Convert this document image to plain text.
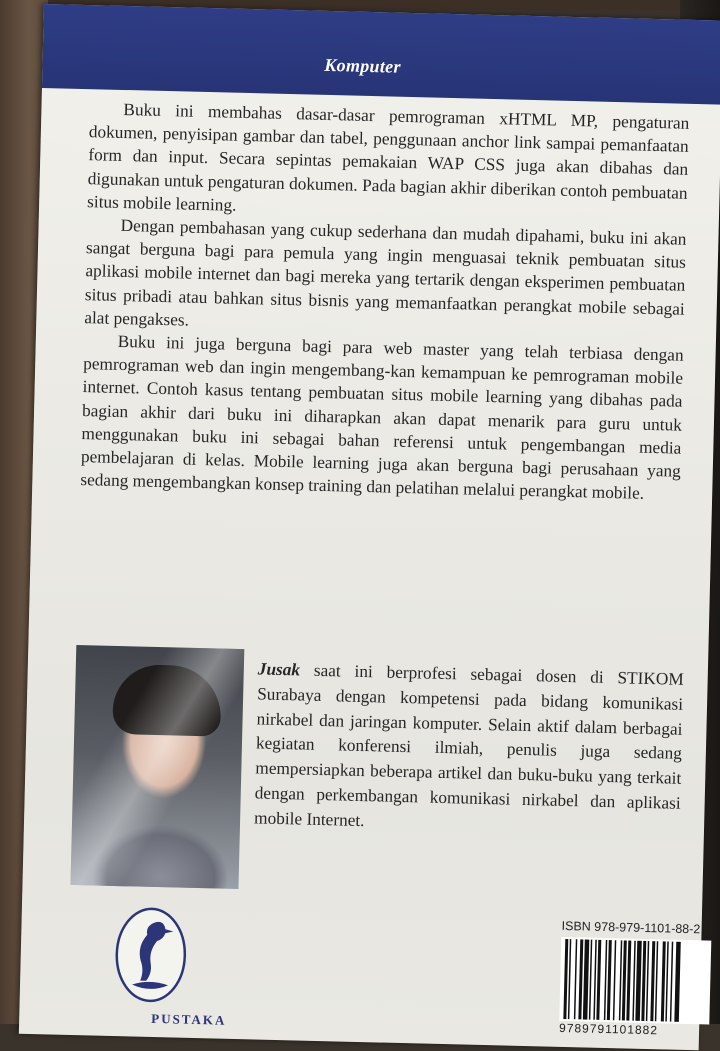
Komputer

Buku ini membahas dasar-dasar pemrograman xHTML MP, pengaturan dokumen, penyisipan gambar dan tabel, penggunaan anchor link sampai pemanfaatan form dan input. Secara sepintas pemakaian WAP CSS juga akan dibahas dan digunakan untuk pengaturan dokumen. Pada bagian akhir diberikan contoh pembuatan situs mobile learning.

Dengan pembahasan yang cukup sederhana dan mudah dipahami, buku ini akan sangat berguna bagi para pemula yang ingin menguasai teknik pembuatan situs aplikasi mobile internet dan bagi mereka yang tertarik dengan eksperimen pembuatan situs pribadi atau bahkan situs bisnis yang memanfaatkan perangkat mobile sebagai alat pengakses.

Buku ini juga berguna bagi para web master yang telah terbiasa dengan pemrograman web dan ingin mengembang-kan kemampuan ke pemrograman mobile internet. Contoh kasus tentang pembuatan situs mobile learning yang dibahas pada bagian akhir dari buku ini diharapkan akan dapat menarik para guru untuk menggunakan buku ini sebagai bahan referensi untuk pengembangan media pembelajaran di kelas. Mobile learning juga akan berguna bagi perusahaan yang sedang mengembangkan konsep training dan pelatihan melalui perangkat mobile.

Jusak saat ini berprofesi sebagai dosen di STIKOM Surabaya dengan kompetensi pada bidang komunikasi nirkabel dan jaringan komputer. Selain aktif dalam berbagai kegiatan konferensi ilmiah, penulis juga sedang mempersiapkan beberapa artikel dan buku-buku yang terkait dengan perkembangan komunikasi nirkabel dan aplikasi mobile Internet.
PUSTAKA
ISBN 978-979-1101-88-2
9789791101882
